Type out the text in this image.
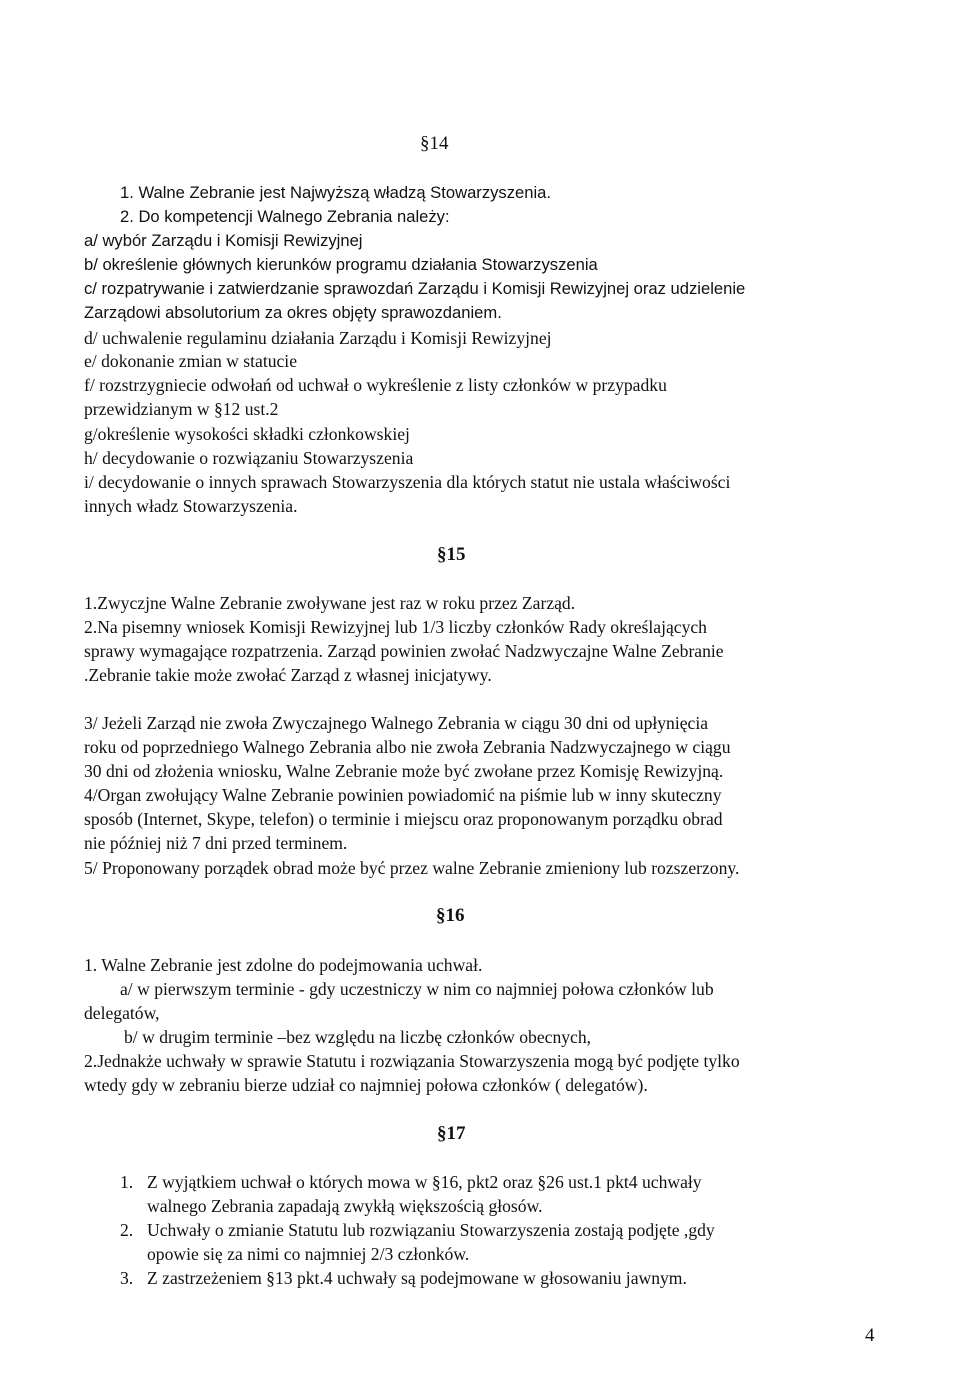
§14
1. Walne Zebranie jest Najwyższą władzą Stowarzyszenia.
2. Do kompetencji Walnego Zebrania należy:
a/ wybór Zarządu i Komisji Rewizyjnej
b/ określenie głównych kierunków programu działania Stowarzyszenia
c/ rozpatrywanie i zatwierdzanie sprawozdań Zarządu i Komisji Rewizyjnej oraz udzielenie
Zarządowi absolutorium za okres objęty sprawozdaniem.
d/ uchwalenie regulaminu działania Zarządu i Komisji Rewizyjnej
e/ dokonanie zmian w statucie
f/ rozstrzygniecie odwołań od uchwał o wykreślenie z listy członków w przypadku
przewidzianym w §12 ust.2
g/określenie wysokości składki członkowskiej
h/ decydowanie o rozwiązaniu Stowarzyszenia
i/ decydowanie o innych sprawach Stowarzyszenia dla których statut nie ustala właściwości
innych władz Stowarzyszenia.
§15
1.Zwyczjne Walne Zebranie zwoływane jest raz w roku przez Zarząd.
2.Na pisemny wniosek Komisji Rewizyjnej lub 1/3 liczby członków Rady określających
sprawy wymagające rozpatrzenia. Zarząd powinien zwołać Nadzwyczajne Walne Zebranie
.Zebranie takie może zwołać Zarząd z własnej inicjatywy.
3/ Jeżeli Zarząd nie zwoła Zwyczajnego Walnego Zebrania w ciągu 30 dni od upłynięcia
roku od poprzedniego Walnego Zebrania albo nie zwoła Zebrania Nadzwyczajnego w ciągu
30 dni od złożenia wniosku, Walne Zebranie może być zwołane przez Komisję Rewizyjną.
4/Organ zwołujący Walne Zebranie powinien powiadomić na piśmie lub w inny skuteczny
sposób (Internet, Skype, telefon) o terminie i miejscu oraz proponowanym porządku obrad
nie później niż 7 dni przed terminem.
5/ Proponowany porządek obrad może być przez walne Zebranie zmieniony lub rozszerzony.
§16
1. Walne Zebranie jest zdolne do podejmowania uchwał.
a/ w pierwszym terminie - gdy uczestniczy w nim co najmniej połowa członków lub
delegatów,
b/ w drugim terminie –bez względu na liczbę członków obecnych,
2.Jednakże uchwały w sprawie Statutu i rozwiązania Stowarzyszenia mogą być podjęte tylko
wtedy gdy w zebraniu bierze udział co najmniej połowa członków ( delegatów).
§17
1. Z wyjątkiem uchwał o których mowa w §16, pkt2 oraz §26 ust.1 pkt4 uchwały
walnego Zebrania zapadają zwykłą większością głosów.
2. Uchwały o zmianie Statutu lub rozwiązaniu Stowarzyszenia zostają podjęte ,gdy
opowie się za nimi co najmniej 2/3 członków.
3. Z zastrzeżeniem §13 pkt.4 uchwały są podejmowane w głosowaniu jawnym.
4
